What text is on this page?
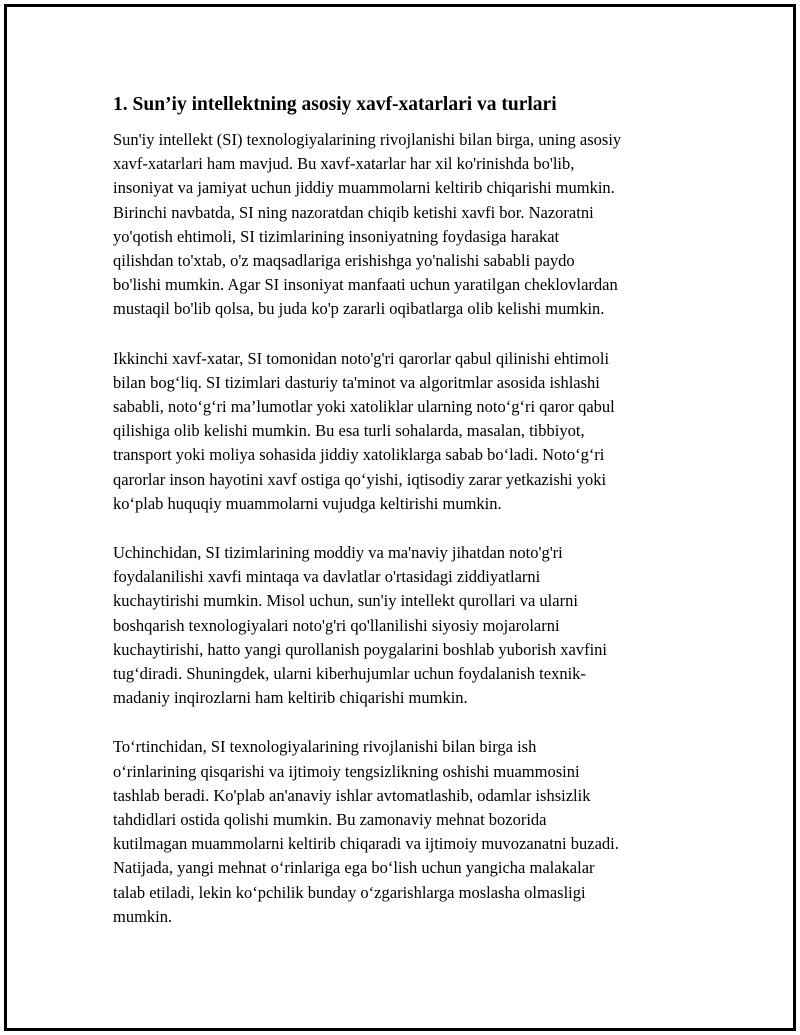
1. Sun’iy intellektning asosiy xavf-xatarlari va turlari

Sun'iy intellekt (SI) texnologiyalarining rivojlanishi bilan birga, uning asosiy
xavf-xatarlari ham mavjud. Bu xavf-xatarlar har xil ko'rinishda bo'lib,
insoniyat va jamiyat uchun jiddiy muammolarni keltirib chiqarishi mumkin.
Birinchi navbatda, SI ning nazoratdan chiqib ketishi xavfi bor. Nazoratni
yo'qotish ehtimoli, SI tizimlarining insoniyatning foydasiga harakat
qilishdan to'xtab, o'z maqsadlariga erishishga yo'nalishi sababli paydo
bo'lishi mumkin. Agar SI insoniyat manfaati uchun yaratilgan cheklovlardan
mustaqil bo'lib qolsa, bu juda ko'p zararli oqibatlarga olib kelishi mumkin.

Ikkinchi xavf-xatar, SI tomonidan noto'g'ri qarorlar qabul qilinishi ehtimoli
bilan bog‘liq. SI tizimlari dasturiy ta'minot va algoritmlar asosida ishlashi
sababli, noto‘g‘ri ma’lumotlar yoki xatoliklar ularning noto‘g‘ri qaror qabul
qilishiga olib kelishi mumkin. Bu esa turli sohalarda, masalan, tibbiyot,
transport yoki moliya sohasida jiddiy xatoliklarga sabab bo‘ladi. Noto‘g‘ri
qarorlar inson hayotini xavf ostiga qo‘yishi, iqtisodiy zarar yetkazishi yoki
ko‘plab huquqiy muammolarni vujudga keltirishi mumkin.

Uchinchidan, SI tizimlarining moddiy va ma'naviy jihatdan noto'g'ri
foydalanilishi xavfi mintaqa va davlatlar o'rtasidagi ziddiyatlarni
kuchaytirishi mumkin. Misol uchun, sun'iy intellekt qurollari va ularni
boshqarish texnologiyalari noto'g'ri qo'llanilishi siyosiy mojarolarni
kuchaytirishi, hatto yangi qurollanish poygalarini boshlab yuborish xavfini
tug‘diradi. Shuningdek, ularni kiberhujumlar uchun foydalanish texnik-
madaniy inqirozlarni ham keltirib chiqarishi mumkin.

To‘rtinchidan, SI texnologiyalarining rivojlanishi bilan birga ish
o‘rinlarining qisqarishi va ijtimoiy tengsizlikning oshishi muammosini
tashlab beradi. Ko'plab an'anaviy ishlar avtomatlashib, odamlar ishsizlik
tahdidlari ostida qolishi mumkin. Bu zamonaviy mehnat bozorida
kutilmagan muammolarni keltirib chiqaradi va ijtimoiy muvozanatni buzadi.
Natijada, yangi mehnat o‘rinlariga ega bo‘lish uchun yangicha malakalar
talab etiladi, lekin ko‘pchilik bunday o‘zgarishlarga moslasha olmasligi
mumkin.
